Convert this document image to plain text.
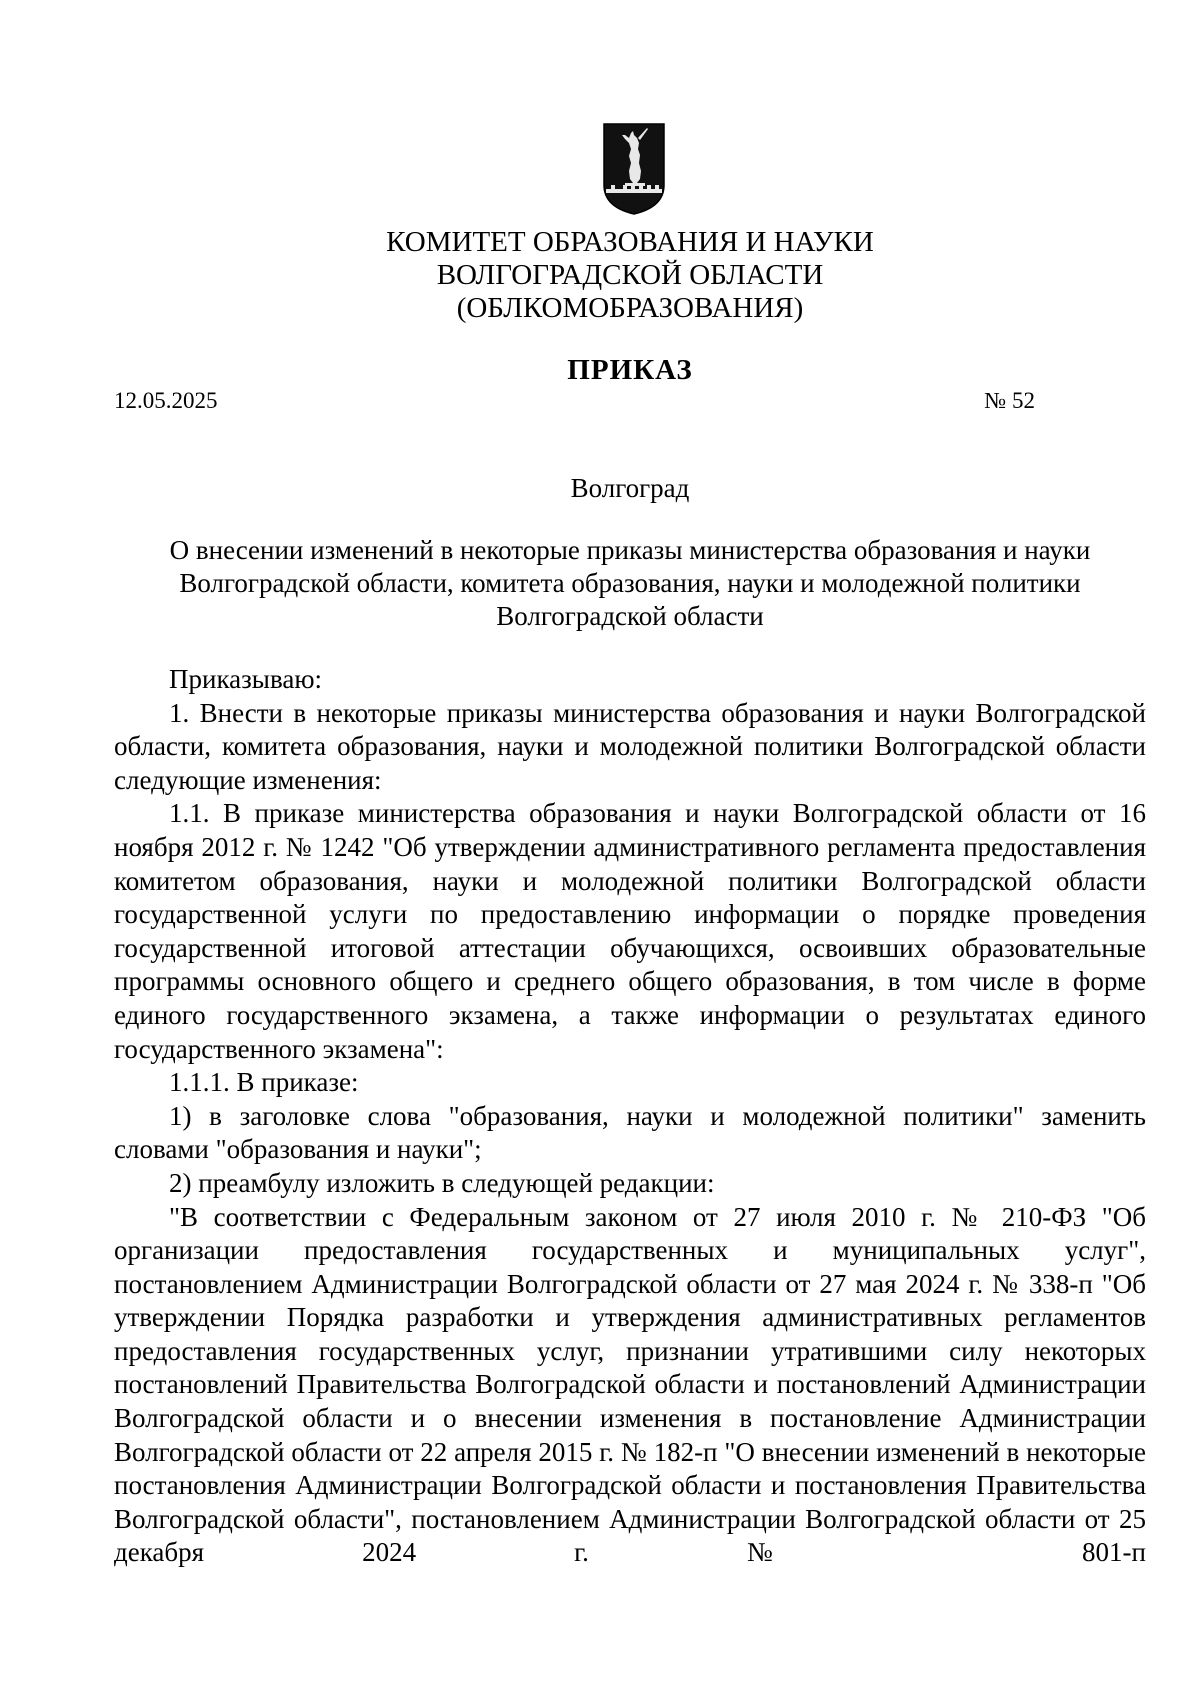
КОМИТЕТ ОБРАЗОВАНИЯ И НАУКИ
ВОЛГОГРАДСКОЙ ОБЛАСТИ
(ОБЛКОМОБРАЗОВАНИЯ)
ПРИКАЗ
12.05.2025	№ 52
Волгоград
О внесении изменений в некоторые приказы министерства образования и науки
Волгоградской области, комитета образования, науки и молодежной политики
Волгоградской области

Приказываю:

1. Внести в некоторые приказы министерства образования и науки Волгоградской области, комитета образования, науки и молодежной политики Волгоградской области следующие изменения:

1.1. В приказе министерства образования и науки Волгоградской области от 16 ноября 2012 г. № 1242 "Об утверждении административного регламента предоставления комитетом образования, науки и молодежной политики Волгоградской области государственной услуги по предоставлению информации о порядке проведения государственной итоговой аттестации обучающихся, освоивших образовательные программы основного общего и среднего общего образования, в том числе в форме единого государственного экзамена, а также информации о результатах единого государственного экзамена":

1.1.1. В приказе:

1) в заголовке слова "образования, науки и молодежной политики" заменить словами "образования и науки";

2) преамбулу изложить в следующей редакции:

"В соответствии с Федеральным законом от 27 июля 2010 г. № 210-ФЗ "Об организации предоставления государственных и муниципальных услуг", постановлением Администрации Волгоградской области от 27 мая 2024 г. № 338-п "Об утверждении Порядка разработки и утверждения административных регламентов предоставления государственных услуг, признании утратившими силу некоторых постановлений Правительства Волгоградской области и постановлений Администрации Волгоградской области и о внесении изменения в постановление Администрации Волгоградской области от 22 апреля 2015 г. № 182-п "О внесении изменений в некоторые постановления Администрации Волгоградской области и постановления Правительства Волгоградской области", постановлением Администрации Волгоградской области от 25 декабря 2024 г. № 801-п
